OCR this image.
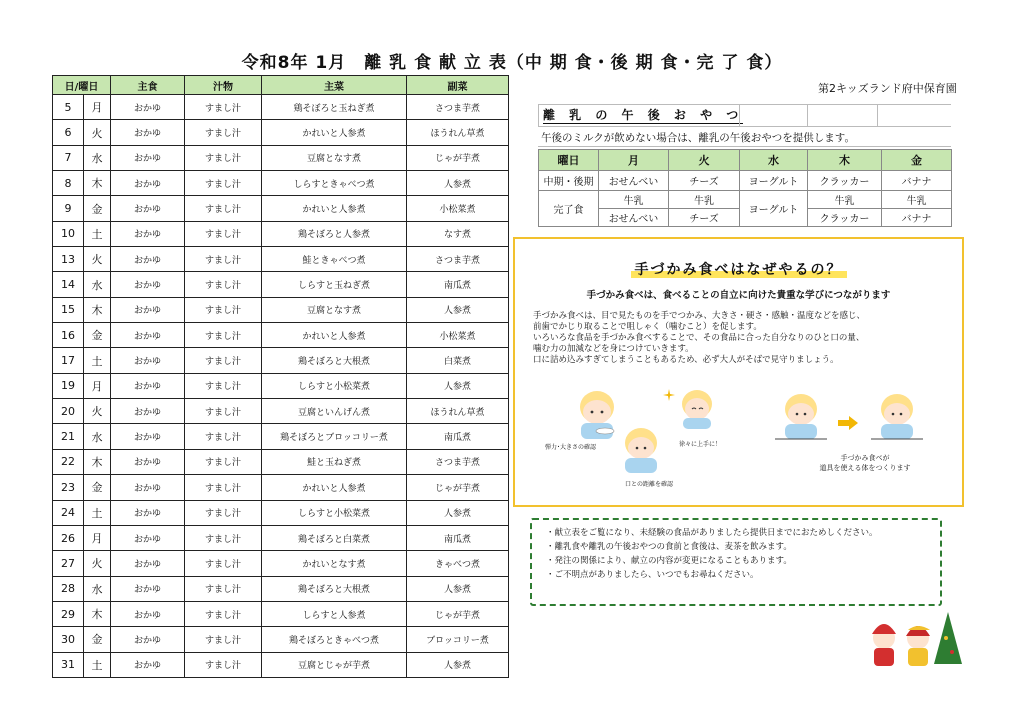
令和8年 1月　離 乳 食 献 立 表（中 期 食・後 期 食・完 了 食）
第2キッズランド府中保育園
日/曜日		主食	汁物	主菜	副菜
5	月	おかゆ	すまし汁	鶏そぼろと玉ねぎ煮	さつま芋煮
6	火	おかゆ	すまし汁	かれいと人参煮	ほうれん草煮
7	水	おかゆ	すまし汁	豆腐となす煮	じゃが芋煮
8	木	おかゆ	すまし汁	しらすときゃべつ煮	人参煮
9	金	おかゆ	すまし汁	かれいと人参煮	小松菜煮
10	土	おかゆ	すまし汁	鶏そぼろと人参煮	なす煮
13	火	おかゆ	すまし汁	鮭ときゃべつ煮	さつま芋煮
14	水	おかゆ	すまし汁	しらすと玉ねぎ煮	南瓜煮
15	木	おかゆ	すまし汁	豆腐となす煮	人参煮
16	金	おかゆ	すまし汁	かれいと人参煮	小松菜煮
17	土	おかゆ	すまし汁	鶏そぼろと大根煮	白菜煮
19	月	おかゆ	すまし汁	しらすと小松菜煮	人参煮
20	火	おかゆ	すまし汁	豆腐といんげん煮	ほうれん草煮
21	水	おかゆ	すまし汁	鶏そぼろとブロッコリー煮	南瓜煮
22	木	おかゆ	すまし汁	鮭と玉ねぎ煮	さつま芋煮
23	金	おかゆ	すまし汁	かれいと人参煮	じゃが芋煮
24	土	おかゆ	すまし汁	しらすと小松菜煮	人参煮
26	月	おかゆ	すまし汁	鶏そぼろと白菜煮	南瓜煮
27	火	おかゆ	すまし汁	かれいとなす煮	きゃべつ煮
28	水	おかゆ	すまし汁	鶏そぼろと大根煮	人参煮
29	木	おかゆ	すまし汁	しらすと人参煮	じゃが芋煮
30	金	おかゆ	すまし汁	鶏そぼろときゃべつ煮	ブロッコリー煮
31	土	おかゆ	すまし汁	豆腐とじゃが芋煮	人参煮
離 乳 の 午 後 お や つ
午後のミルクが飲めない場合は、離乳の午後おやつを提供します。
曜日	月	火	水	木	金
中期・後期	おせんべい	チーズ	ヨーグルト	クラッカー	バナナ
完了食	牛乳	牛乳	ヨーグルト	牛乳	牛乳
	おせんべい	チーズ		クラッカー	バナナ
手づかみ食べはなぜやるの？
手づかみ食べは、食べることの自立に向けた貴重な学びにつながります
手づかみ食べは、目で見たものを手でつかみ、大きさ・硬さ・感触・温度などを感じ、
前歯でかじり取ることで咀しゃく（噛むこと）を促します。
いろいろな食品を手づかみ食べすることで、その食品に合った自分なりのひと口の量、
噛む力の加減などを身につけていきます。
口に詰め込みすぎてしまうこともあるため、必ず大人がそばで見守りましょう。
弾力･大きさの確認
口との距離を確認
徐々に上手に！
手づかみ食べが
道具を使える体をつくります
・ 献立表をご覧になり、未経験の食品がありましたら提供日までにおためしください。
・ 離乳食や離乳の午後おやつの食前と食後は、麦茶を飲みます。
・ 発注の関係により、献立の内容が変更になることもあります。
・ ご不明点がありましたら、いつでもお尋ねください。
